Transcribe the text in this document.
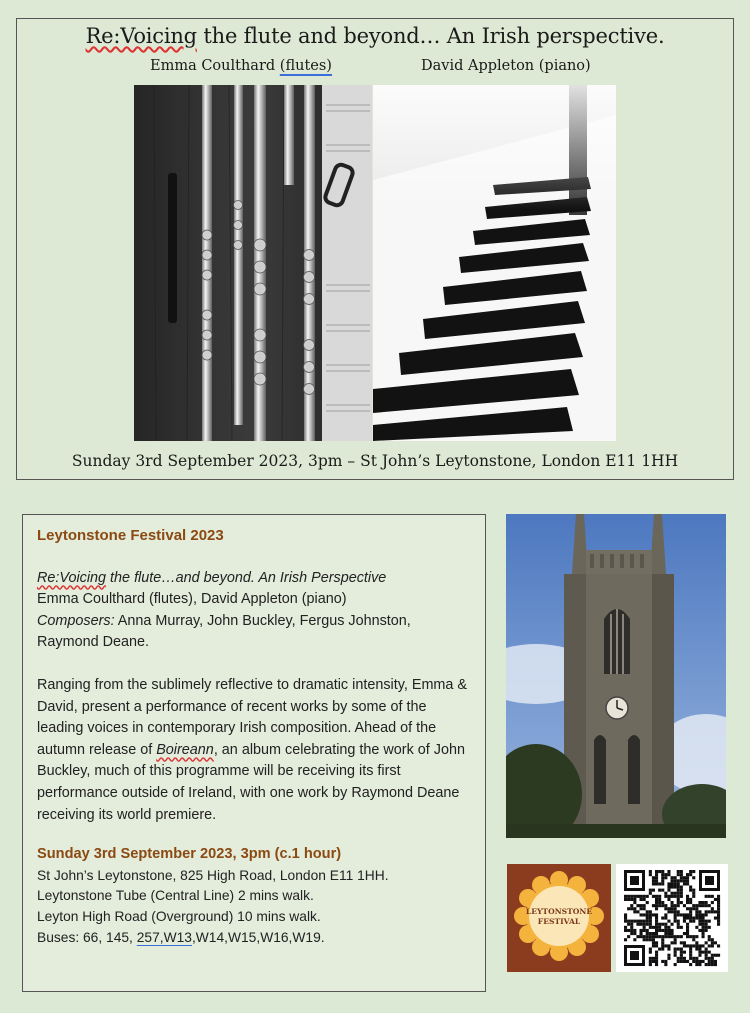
Re:Voicing the flute and beyond… An Irish perspective.
Emma Coulthard (flutes)	David Appleton (piano)
Sunday 3rd September 2023, 3pm – St John’s Leytonstone, London E11 1HH
Leytonstone Festival 2023
Re:Voicing the flute…and beyond. An Irish Perspective
Emma Coulthard (flutes), David Appleton (piano)
Composers: Anna Murray, John Buckley, Fergus Johnston, Raymond Deane.
Ranging from the sublimely reflective to dramatic intensity, Emma & David, present a performance of recent works by some of the leading voices in contemporary Irish composition. Ahead of the autumn release of Boireann, an album celebrating the work of John Buckley, much of this programme will be receiving its first performance outside of Ireland, with one work by Raymond Deane receiving its world premiere.
Sunday 3rd September 2023, 3pm (c.1 hour)
St John’s Leytonstone, 825 High Road, London E11 1HH.
Leytonstone Tube (Central Line) 2 mins walk.
Leyton High Road (Overground) 10 mins walk.
Buses: 66, 145, 257,W13,W14,W15,W16,W19.
LEYTONSTONE
FESTIVAL
